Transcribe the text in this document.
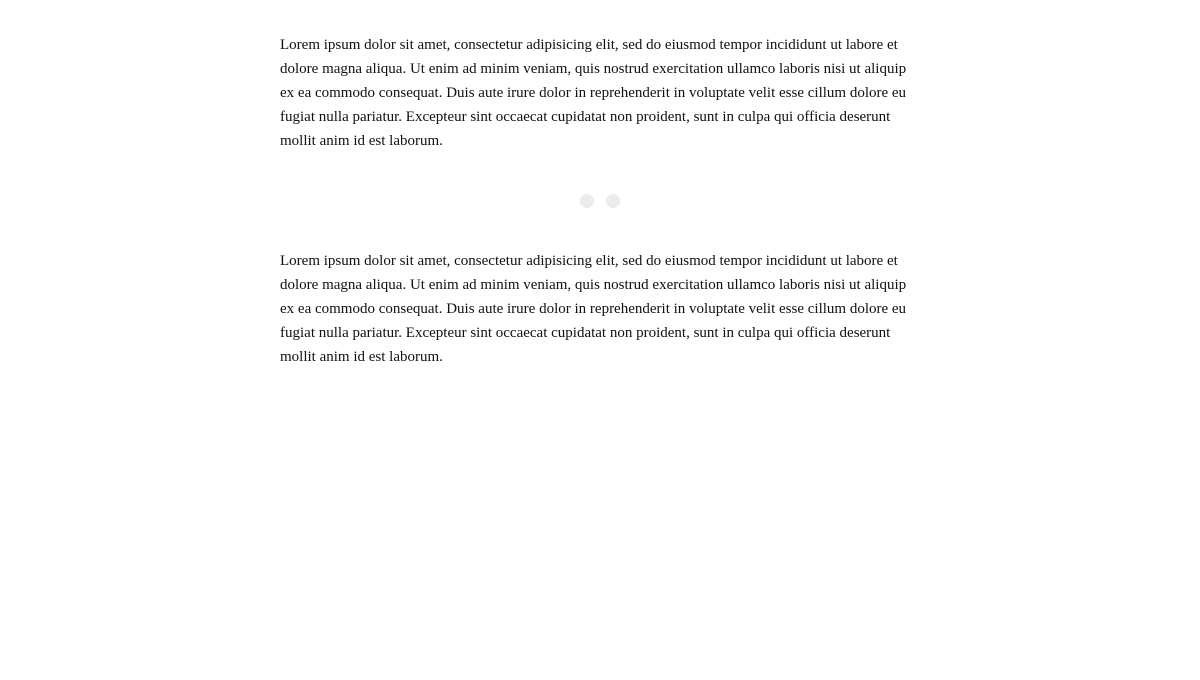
Lorem ipsum dolor sit amet, consectetur adipisicing elit, sed do eiusmod tempor incididunt ut labore et dolore magna aliqua. Ut enim ad minim veniam, quis nostrud exercitation ullamco laboris nisi ut aliquip ex ea commodo consequat. Duis aute irure dolor in reprehenderit in voluptate velit esse cillum dolore eu fugiat nulla pariatur. Excepteur sint occaecat cupidatat non proident, sunt in culpa qui officia deserunt mollit anim id est laborum.

Lorem ipsum dolor sit amet, consectetur adipisicing elit, sed do eiusmod tempor incididunt ut labore et dolore magna aliqua. Ut enim ad minim veniam, quis nostrud exercitation ullamco laboris nisi ut aliquip ex ea commodo consequat. Duis aute irure dolor in reprehenderit in voluptate velit esse cillum dolore eu fugiat nulla pariatur. Excepteur sint occaecat cupidatat non proident, sunt in culpa qui officia deserunt mollit anim id est laborum.
